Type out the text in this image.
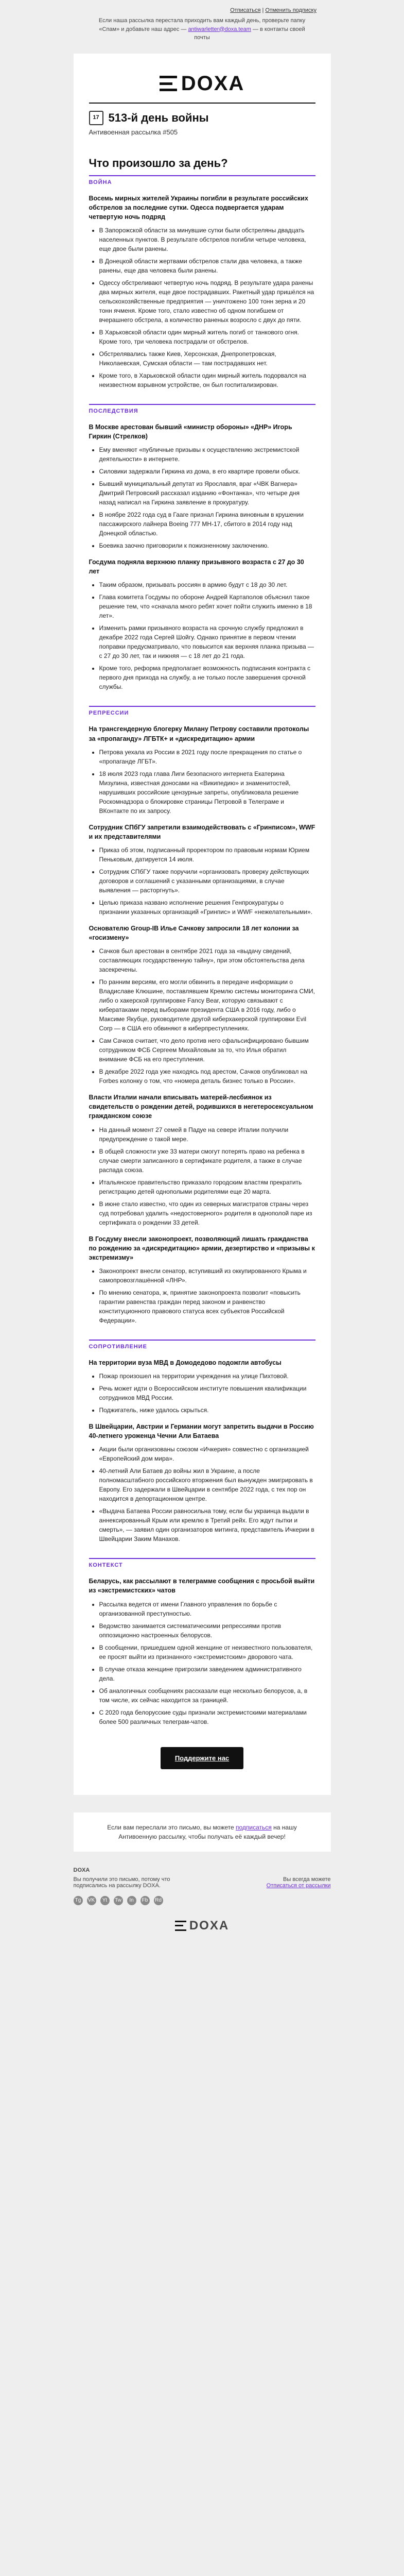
Отписаться | Отменить подписку
Если наша рассылка перестала приходить вам каждый день, проверьте папку «Спам» и добавьте наш адрес — antiwarletter@doxa.team — в контакты своей почты
DOXA
17 513-й день войны
Антивоенная рассылка #505
Что произошло за день?
ВОЙНА
Восемь мирных жителей Украины погибли в результате российских обстрелов за последние сутки. Одесса подвергается ударам четвертую ночь подряд
• В Запорожской области за минувшие сутки были обстреляны двадцать населенных пунктов. В результате обстрелов погибли четыре человека, еще двое были ранены.
• В Донецкой области жертвами обстрелов стали два человека, а также ранены, еще два человека были ранены.
• Одессу обстреливают четвертую ночь подряд. В результате удара ранены два мирных жителя, еще двое пострадавших. Ракетный удар пришёлся на сельскохозяйственные предприятия — уничтожено 100 тонн зерна и 20 тонн ячменя. Кроме того, стало известно об одном погибшем от вчерашнего обстрела, а количество раненых возросло с двух до пяти.
• В Харьковской области один мирный житель погиб от танкового огня. Кроме того, три человека пострадали от обстрелов.
• Обстрелявались также Киев, Херсонская, Днепропетровская, Николаевская, Сумская области — там пострадавших нет.
• Кроме того, в Харьковской области один мирный житель подорвался на неизвестном взрывном устройстве, он был госпитализирован.
ПОСЛЕДСТВИЯ
В Москве арестован бывший «министр обороны» «ДНР» Игорь Гиркин (Стрелков)
• Ему вменяют «публичные призывы к осуществлению экстремистской деятельности» в интернете.
• Силовики задержали Гиркина из дома, в его квартире провели обыск.
• Бывший муниципальный депутат из Ярославля, враг «ЧВК Вагнера» Дмитрий Петровский рассказал изданию «Фонтанка», что четыре дня назад написал на Гиркина заявление в прокуратуру.
• В ноябре 2022 года суд в Гааге признал Гиркина виновным в крушении пассажирского лайнера Boeing 777 MH-17, сбитого в 2014 году над Донецкой областью.
• Боевика заочно приговорили к пожизненному заключению.
Госдума подняла верхнюю планку призывного возраста с 27 до 30 лет
• Таким образом, призывать россиян в армию будут с 18 до 30 лет.
• Глава комитета Госдумы по обороне Андрей Картаполов объяснил такое решение тем, что «сначала много ребят хочет пойти служить именно в 18 лет».
• Изменить рамки призывного возраста на срочную службу предложил в декабре 2022 года Сергей Шойгу. Однако принятие в первом чтении поправки предусматривало, что повысится как верхняя планка призыва — с 27 до 30 лет, так и нижняя — с 18 лет до 21 года.
• Кроме того, реформа предполагает возможность подписания контракта с первого дня прихода на службу, а не только после завершения срочной службы.
РЕПРЕССИИ
На трансгендерную блогерку Милану Петрову составили протоколы за «пропаганду» ЛГБТК+ и «дискредитацию» армии
• Петрова уехала из России в 2021 году после прекращения по статье о «пропаганде ЛГБТ».
• 18 июля 2023 года глава Лиги безопасного интернета Екатерина Мизулина, известная доносами на «Википедию» и знаменитостей, нарушивших российские цензурные запреты, опубликовала решение Роскомнадзора о блокировке страницы Петровой в Телеграме и ВКонтакте по их запросу.
Сотрудник СПбГУ запретили взаимодействовать с «Гринписом», WWF и их представителями
• Приказ об этом, подписанный проректором по правовым нормам Юрием Пеньковым, датируется 14 июля.
• Сотрудник СПбГУ также поручили «организовать проверку действующих договоров и соглашений с указанными организациями, в случае выявления — расторгнуть».
• Целью приказа названо исполнение решения Генпрокуратуры о признании указанных организаций «Гринпис» и WWF «нежелательными».
Основателю Group-IB Илье Сачкову запросили 18 лет колонии за «госизмену»
• Сачков был арестован в сентябре 2021 года за «выдачу сведений, составляющих государственную тайну», при этом обстоятельства дела засекречены.
• По ранним версиям, его могли обвинить в передаче информации о Владиславе Клюшине, поставлявшем Кремлю системы мониторинга СМИ, либо о хакерской группировке Fancy Bear, которую связывают с кибератаками перед выборами президента США в 2016 году, либо о Максиме Якубце, руководителе другой киберхакерской группировки Evil Corp — в США его обвиняют в киберпреступлениях.
• Сам Сачков считает, что дело против него сфальсифицировано бывшим сотрудником ФСБ Сергеем Михайловым за то, что Илья обратил внимание ФСБ на его преступления.
• В декабре 2022 года уже находясь под арестом, Сачков опубликовал на Forbes колонку о том, что «номера деталь бизнес только в России».
Власти Италии начали вписывать матерей-лесбиянок из свидетельств о рождении детей, родившихся в негетеросексуальном гражданском союзе
• На данный момент 27 семей в Падуе на севере Италии получили предупреждение о такой мере.
• В общей сложности уже 33 матери смогут потерять право на ребенка в случае смерти записанного в сертификате родителя, а также в случае распада союза.
• Итальянское правительство приказало городским властям прекратить регистрацию детей однополыми родителями еще 20 марта.
• В июне стало известно, что один из северных магистратов страны через суд потребовал удалить «недостоверного» родителя в однополой паре из сертификата о рождении 33 детей.
В Госдуму внесли законопроект, позволяющий лишать гражданства по рождению за «дискредитацию» армии, дезертирство и «призывы к экстремизму»
• Законопроект внесли сенатор, вступивший из оккупированного Крыма и самопровозглашённой «ЛНР».
• По мнению сенатора, ж, принятие законопроекта позволит «повысить гарантии равенства граждан перед законом и ранвенство конституционного правового статуса всех субъектов Российской Федерации».
СОПРОТИВЛЕНИЕ
На территории вуза МВД в Домодедово подожгли автобусы
• Пожар произошел на территории учреждения на улице Пихтовой.
• Речь может идти о Всероссийском институте повышения квалификации сотрудников МВД России.
• Поджигатель, ниже удалось скрыться.
В Швейцарии, Австрии и Германии могут запретить выдачи в Россию 40-летнего уроженца Чечни Али Батаева
• Акции были организованы союзом «Ичкерия» совместно с организацией «Европейский дом мира».
• 40-летний Али Батаев до войны жил в Украине, а после полномасштабного российского вторжения был вынужден эмигрировать в Европу. Его задержали в Швейцарии в сентябре 2022 года, с тех пор он находится в депортационном центре.
• «Выдача Батаева России равносильна тому, если бы украинца выдали в аннексированный Крым или кремлю в Третий рейх. Его ждут пытки и смерть», — заявил один организаторов митинга, представитель Ичкерии в Швейцарии Заким Манахов.
КОНТЕКСТ
Беларусь, как рассылают в телеграмме сообщения с просьбой выйти из «экстремистских» чатов
• Рассылка ведется от имени Главного управления по борьбе с организованной преступностью.
• Ведомство занимается систематическими репрессиями против оппозиционно настроенных белорусов.
• В сообщении, пришедшем одной женщине от неизвестного пользователя, ее просят выйти из признанного «экстремистским» дворового чата.
• В случае отказа женщине пригрозили заведением административного дела.
• Об аналогичных сообщениях рассказали еще несколько белорусов, а, в том числе, их сейчас находится за границей.
• С 2020 года белорусские суды признали экстремистскими материалами более 500 различных телеграм-чатов.
Поддержите нас
Если вам переслали это письмо, вы можете подписаться на нашу Антивоенную рассылку, чтобы получать её каждый вечер!
DOXA
Вы получили это письмо, потому что подписались на рассылку DOXA.
Вы всегда можете
Отписаться от рассылки
Tg	VK	Yt	Tw	In	Fb	Rd
DOXA
